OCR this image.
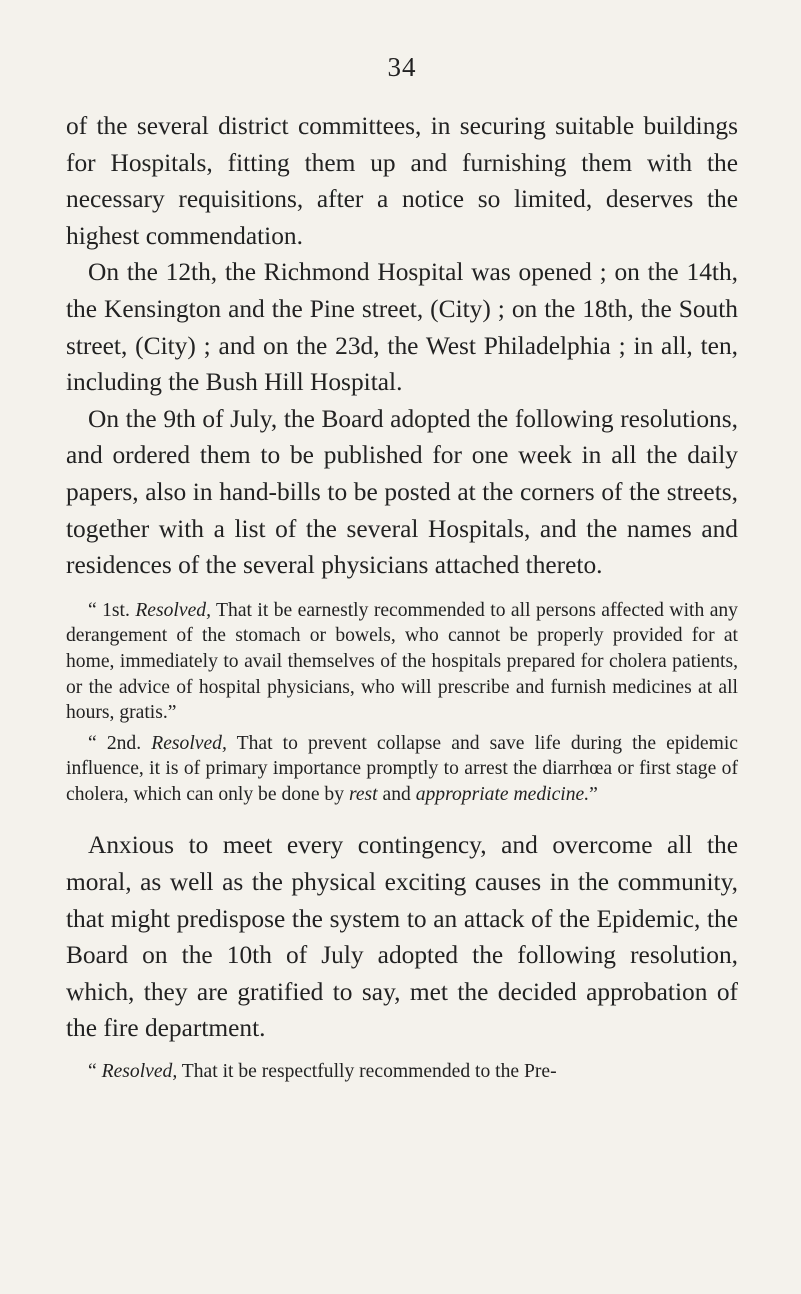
34

of the several district committees, in securing suitable buildings for Hospitals, fitting them up and furnishing them with the necessary requisitions, after a notice so limited, deserves the highest commendation.

On the 12th, the Richmond Hospital was opened ; on the 14th, the Kensington and the Pine street, (City) ; on the 18th, the South street, (City) ; and on the 23d, the West Philadelphia ; in all, ten, including the Bush Hill Hospital.

On the 9th of July, the Board adopted the following resolutions, and ordered them to be published for one week in all the daily papers, also in hand-bills to be posted at the corners of the streets, together with a list of the several Hospitals, and the names and residences of the several physicians attached thereto.

“ 1st. Resolved, That it be earnestly recommended to all persons affected with any derangement of the stomach or bowels, who cannot be properly provided for at home, immediately to avail themselves of the hospitals prepared for cholera patients, or the advice of hospital physicians, who will prescribe and furnish medicines at all hours, gratis.”

“ 2nd. Resolved, That to prevent collapse and save life during the epidemic influence, it is of primary importance promptly to arrest the diarrhœa or first stage of cholera, which can only be done by rest and appropriate medicine.”

Anxious to meet every contingency, and overcome all the moral, as well as the physical exciting causes in the community, that might predispose the system to an attack of the Epidemic, the Board on the 10th of July adopted the following resolution, which, they are gratified to say, met the decided approbation of the fire department.

“ Resolved, That it be respectfully recommended to the Pre-
